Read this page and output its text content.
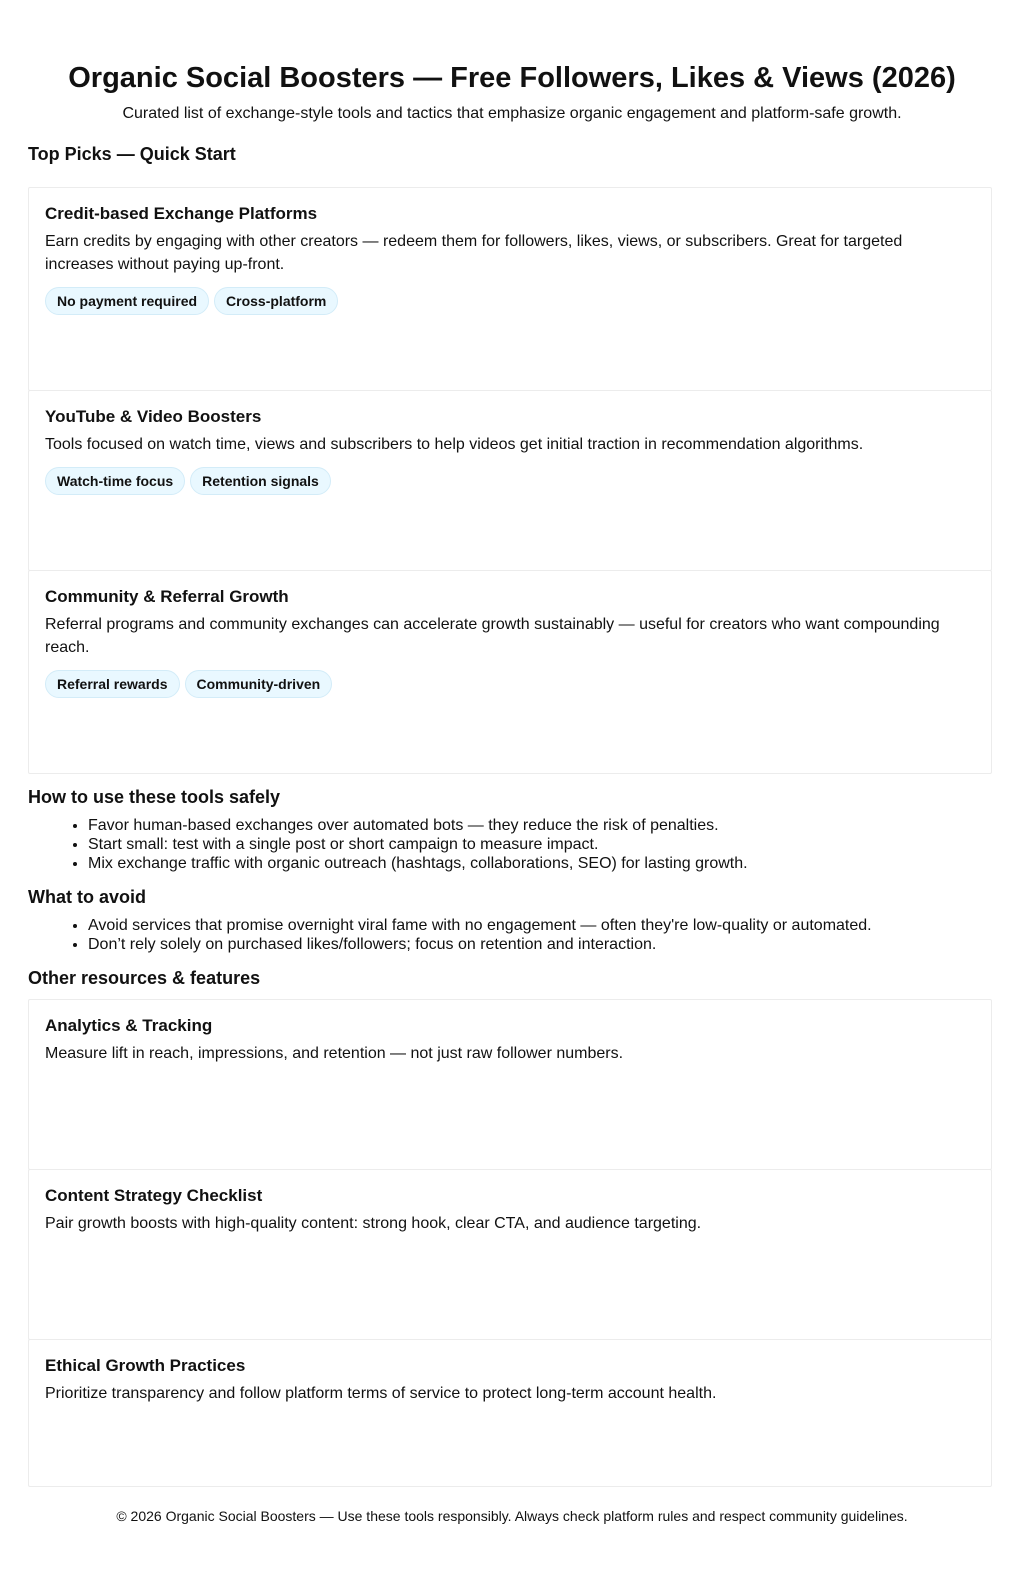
Organic Social Boosters — Free Followers, Likes & Views (2026)

Curated list of exchange-style tools and tactics that emphasize organic engagement and platform-safe growth.

Top Picks — Quick Start
Credit-based Exchange Platforms

Earn credits by engaging with other creators — redeem them for followers, likes, views, or subscribers. Great for targeted increases without paying up-front.

No payment required	Cross-platform
YouTube & Video Boosters

Tools focused on watch time, views and subscribers to help videos get initial traction in recommendation algorithms.

Watch-time focus	Retention signals
Community & Referral Growth

Referral programs and community exchanges can accelerate growth sustainably — useful for creators who want compounding reach.

Referral rewards	Community-driven
How to use these tools safely
• Favor human-based exchanges over automated bots — they reduce the risk of penalties.
• Start small: test with a single post or short campaign to measure impact.
• Mix exchange traffic with organic outreach (hashtags, collaborations, SEO) for lasting growth.
What to avoid
• Avoid services that promise overnight viral fame with no engagement — often they're low-quality or automated.
• Don’t rely solely on purchased likes/followers; focus on retention and interaction.
Other resources & features
Analytics & Tracking

Measure lift in reach, impressions, and retention — not just raw follower numbers.

Content Strategy Checklist

Pair growth boosts with high-quality content: strong hook, clear CTA, and audience targeting.

Ethical Growth Practices

Prioritize transparency and follow platform terms of service to protect long-term account health.

© 2026 Organic Social Boosters — Use these tools responsibly. Always check platform rules and respect community guidelines.
